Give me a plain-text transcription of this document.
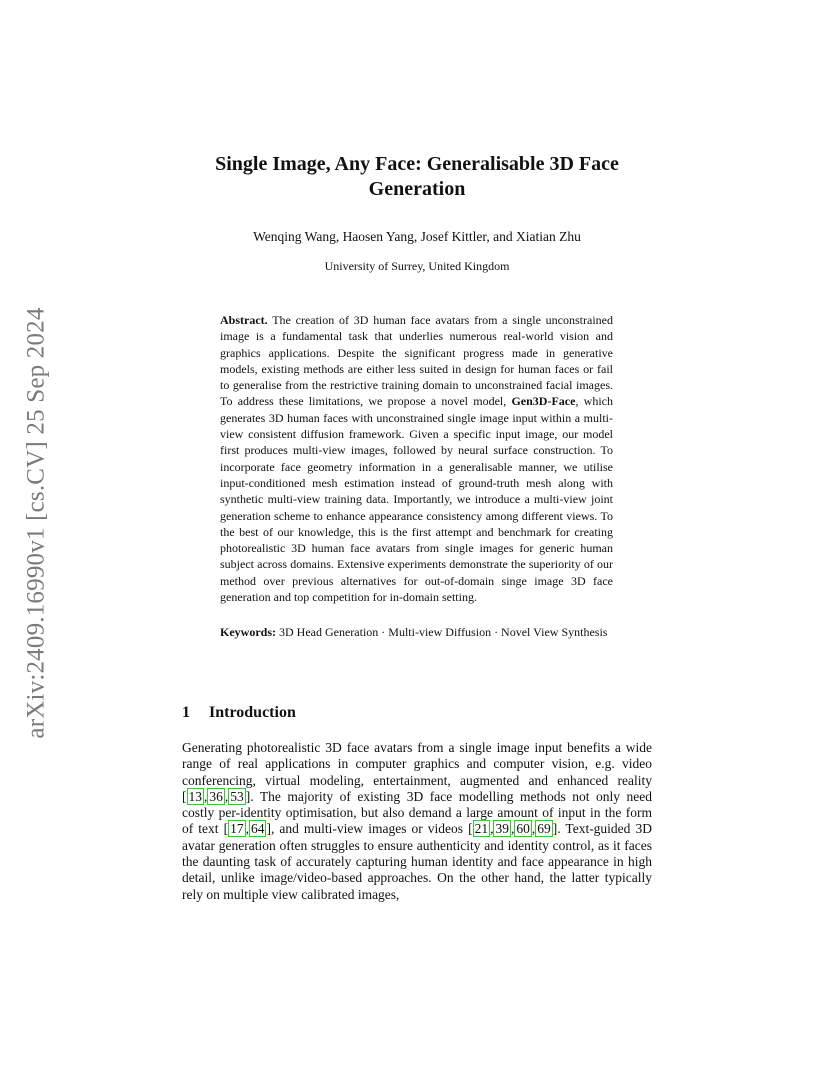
arXiv:2409.16990v1 [cs.CV] 25 Sep 2024
Single Image, Any Face: Generalisable 3D Face Generation
Wenqing Wang, Haosen Yang, Josef Kittler, and Xiatian Zhu
University of Surrey, United Kingdom
Abstract. The creation of 3D human face avatars from a single unconstrained image is a fundamental task that underlies numerous real-world vision and graphics applications. Despite the significant progress made in generative models, existing methods are either less suited in design for human faces or fail to generalise from the restrictive training domain to unconstrained facial images. To address these limitations, we propose a novel model, Gen3D-Face, which generates 3D human faces with unconstrained single image input within a multi-view consistent diffusion framework. Given a specific input image, our model first produces multi-view images, followed by neural surface construction. To incorporate face geometry information in a generalisable manner, we utilise input-conditioned mesh estimation instead of ground-truth mesh along with synthetic multi-view training data. Importantly, we introduce a multi-view joint generation scheme to enhance appearance consistency among different views. To the best of our knowledge, this is the first attempt and benchmark for creating photorealistic 3D human face avatars from single images for generic human subject across domains. Extensive experiments demonstrate the superiority of our method over previous alternatives for out-of-domain singe image 3D face generation and top competition for in-domain setting.
Keywords: 3D Head Generation · Multi-view Diffusion · Novel View Synthesis
1 Introduction
Generating photorealistic 3D face avatars from a single image input benefits a wide range of real applications in computer graphics and computer vision, e.g. video conferencing, virtual modeling, entertainment, augmented and enhanced reality [ 13 , 36 , 53 ]. The majority of existing 3D face modelling methods not only need costly per-identity optimisation, but also demand a large amount of input in the form of text [ 17 , 64 ], and multi-view images or videos [ 21 , 39 , 60 , 69 ]. Text-guided 3D avatar generation often struggles to ensure authenticity and identity control, as it faces the daunting task of accurately capturing human identity and face appearance in high detail, unlike image/video-based approaches. On the other hand, the latter typically rely on multiple view calibrated images,
